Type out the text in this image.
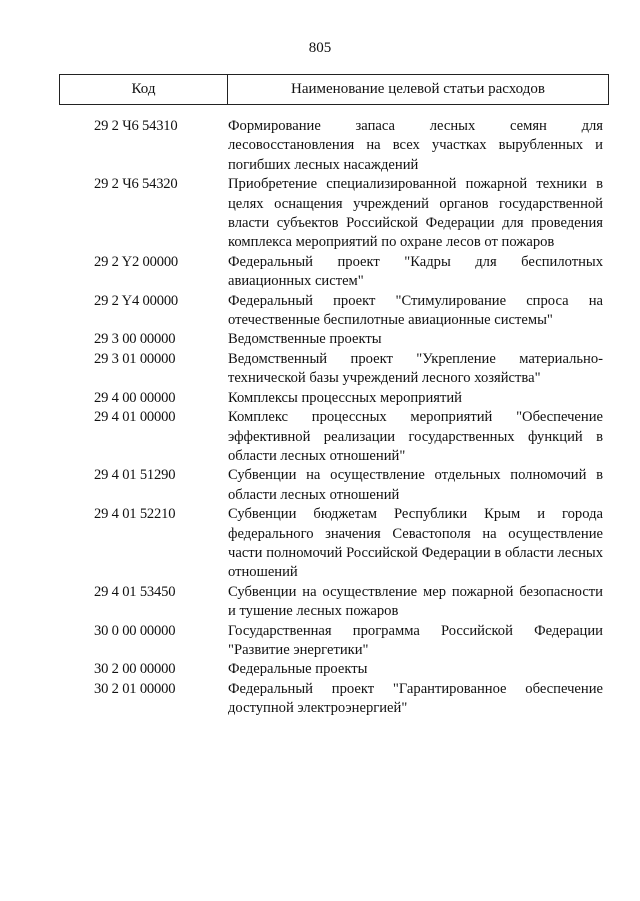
805
Код	Наименование целевой статьи расходов
29 2 Ч6 54310	Формирование запаса лесных семян для лесовосстановления на всех участках вырубленных и погибших лесных насаждений
29 2 Ч6 54320	Приобретение специализированной пожарной техники в целях оснащения учреждений органов государственной власти субъектов Российской Федерации для проведения комплекса мероприятий по охране лесов от пожаров
29 2 Y2 00000	Федеральный проект "Кадры для беспилотных авиационных систем"
29 2 Y4 00000	Федеральный проект "Стимулирование спроса на отечественные беспилотные авиационные системы"
29 3 00 00000	Ведомственные проекты
29 3 01 00000	Ведомственный проект "Укрепление материально-технической базы учреждений лесного хозяйства"
29 4 00 00000	Комплексы процессных мероприятий
29 4 01 00000	Комплекс процессных мероприятий "Обеспечение эффективной реализации государственных функций в области лесных отношений"
29 4 01 51290	Субвенции на осуществление отдельных полномочий в области лесных отношений
29 4 01 52210	Субвенции бюджетам Республики Крым и города федерального значения Севастополя на осуществление части полномочий Российской Федерации в области лесных отношений
29 4 01 53450	Субвенции на осуществление мер пожарной безопасности и тушение лесных пожаров
30 0 00 00000	Государственная программа Российской Федерации "Развитие энергетики"
30 2 00 00000	Федеральные проекты
30 2 01 00000	Федеральный проект "Гарантированное обеспечение доступной электроэнергией"
